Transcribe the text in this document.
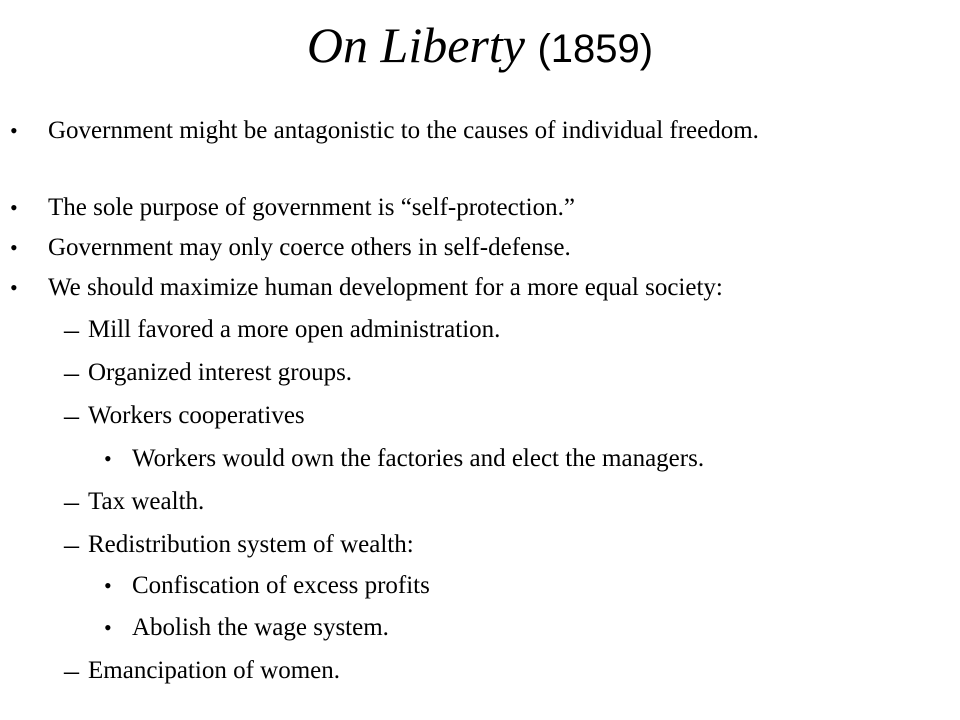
On Liberty (1859)
• Government might be antagonistic to the causes of individual freedom.
• The sole purpose of government is “self-protection.”
• Government may only coerce others in self-defense.
• We should maximize human development for a more equal society:
– Mill favored a more open administration.
– Organized interest groups.
– Workers cooperatives
• Workers would own the factories and elect the managers.
– Tax wealth.
– Redistribution system of wealth:
• Confiscation of excess profits
• Abolish the wage system.
– Emancipation of women.
